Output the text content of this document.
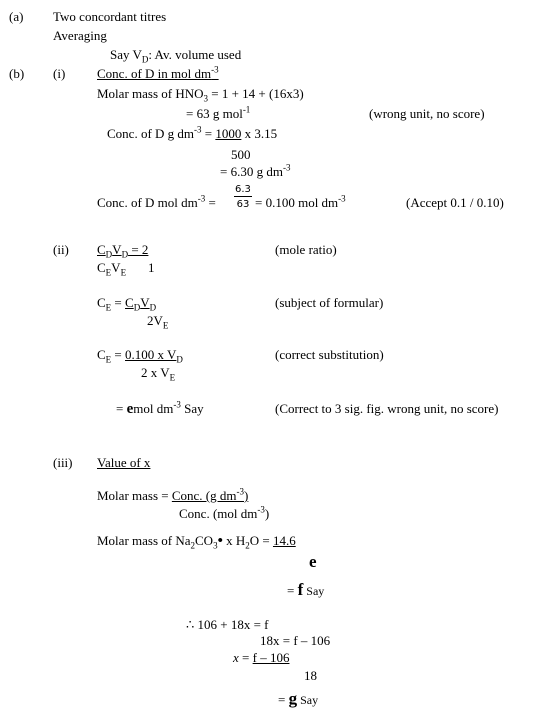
(a) Two concordant titres
Averaging
Say $V_D$: Av. volume used
(b) (i) Conc. of D in mol $dm^{-3}$
Molar mass of $HNO_3 = 1 + 14 + (16x3)$
= 63 g mol$^{-1}$	(wrong unit, no score)
Conc. of D g $dm^{-3} = 1000$ x 3.15
500
= 6.30 g $dm^{-3}$
Conc. of D mol $dm^{-3} = \frac{6.3}{63} = 0.100$ mol $dm^{-3}$	(Accept 0.1 / 0.10)
(ii) $C_DV_D = 2$
$C_EV_E$ 1
(mole ratio)
$C_E = C_DV_D$
$2V_E$
(subject of formular)
$C_E = 0.100$ x $V_D$
2 x $V_E$
(correct substitution)
= emol $dm^{-3}$ Say	(Correct to 3 sig. fig. wrong unit, no score)
(iii) Value of x
Molar mass = Conc. (g $dm^{-3}$)
Conc. (mol $dm^{-3}$)
Molar mass of $Na_2CO_3•$ x $H_2O = 14.6$
e
= f Say
∴ 106 + 18x = f
18x = f – 106
x = f – 106
18
= g Say
